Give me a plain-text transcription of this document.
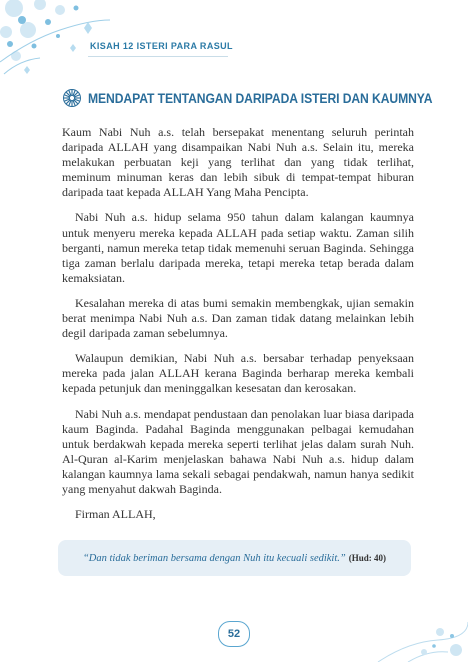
KISAH 12 ISTERI PARA RASUL
MENDAPAT TENTANGAN DARIPADA ISTERI DAN KAUMNYA

Kaum Nabi Nuh a.s. telah bersepakat menentang seluruh perintah daripada ALLAH yang disampaikan Nabi Nuh a.s. Selain itu, mereka melakukan perbuatan keji yang terlihat dan yang tidak terlihat, meminum minuman keras dan lebih sibuk di tempat-tempat hiburan daripada taat kepada ALLAH Yang Maha Pencipta.

Nabi Nuh a.s. hidup selama 950 tahun dalam kalangan kaumnya untuk menyeru mereka kepada ALLAH pada setiap waktu. Zaman silih berganti, namun mereka tetap tidak memenuhi seruan Baginda. Sehingga tiga zaman berlalu daripada mereka, tetapi mereka tetap berada dalam kemaksiatan.

Kesalahan mereka di atas bumi semakin membengkak, ujian semakin berat menimpa Nabi Nuh a.s. Dan zaman tidak datang melainkan lebih degil daripada zaman sebelumnya.

Walaupun demikian, Nabi Nuh a.s. bersabar terhadap penyeksaan mereka pada jalan ALLAH kerana Baginda berharap mereka kembali kepada petunjuk dan meninggalkan kesesatan dan kerosakan.

Nabi Nuh a.s. mendapat pendustaan dan penolakan luar biasa daripada kaum Baginda. Padahal Baginda menggunakan pelbagai kemudahan untuk berdakwah kepada mereka seperti terlihat jelas dalam surah Nuh. Al-Quran al-Karim menjelaskan bahawa Nabi Nuh a.s. hidup dalam kalangan kaumnya lama sekali sebagai pendakwah, namun hanya sedikit yang menyahut dakwah Baginda.

Firman ALLAH,

“Dan tidak beriman bersama dengan Nuh itu kecuali sedikit.” (Hud: 40)
52
